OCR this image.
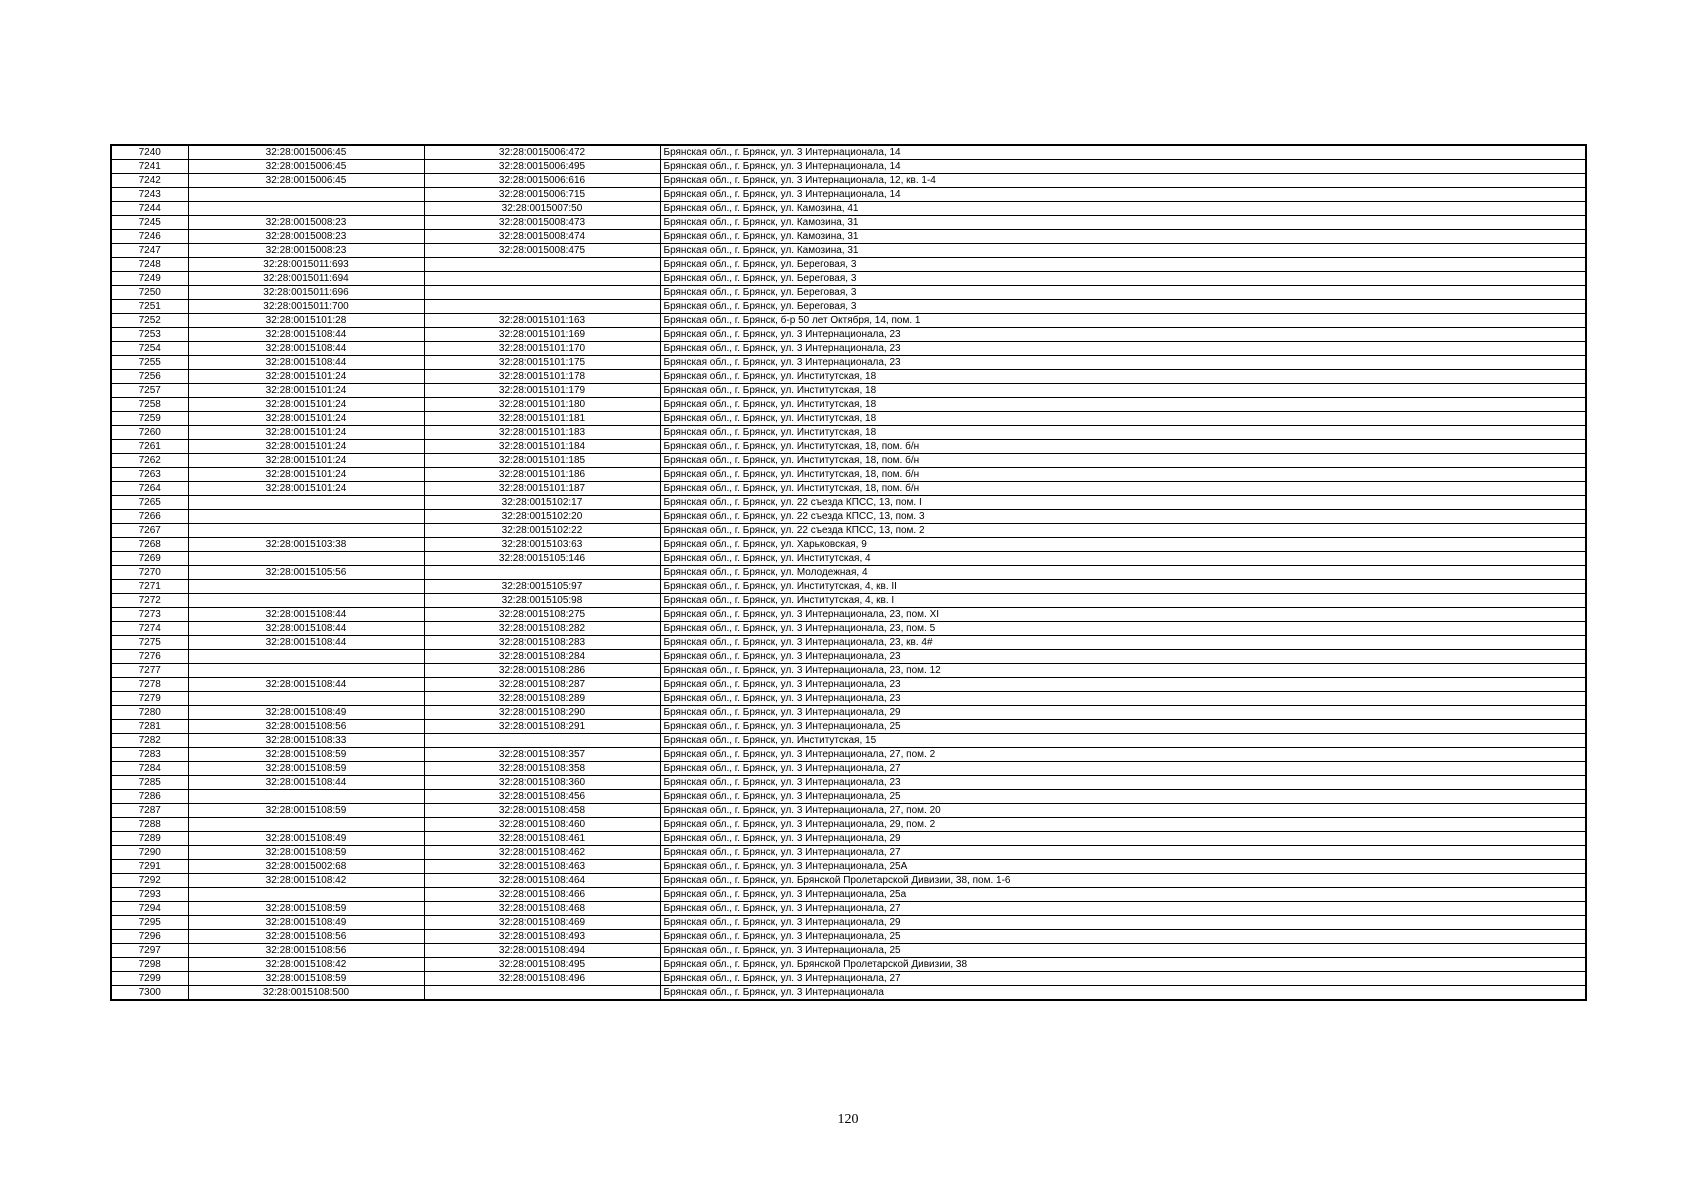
7240	32:28:0015006:45	32:28:0015006:472	Брянская обл., г. Брянск, ул. 3 Интернационала, 14
7241	32:28:0015006:45	32:28:0015006:495	Брянская обл., г. Брянск, ул. 3 Интернационала, 14
7242	32:28:0015006:45	32:28:0015006:616	Брянская обл., г. Брянск, ул. 3 Интернационала, 12, кв. 1-4
7243		32:28:0015006:715	Брянская обл., г. Брянск, ул. 3 Интернационала, 14
7244		32:28:0015007:50	Брянская обл., г. Брянск, ул. Камозина, 41
7245	32:28:0015008:23	32:28:0015008:473	Брянская обл., г. Брянск, ул. Камозина, 31
7246	32:28:0015008:23	32:28:0015008:474	Брянская обл., г. Брянск, ул. Камозина, 31
7247	32:28:0015008:23	32:28:0015008:475	Брянская обл., г. Брянск, ул. Камозина, 31
7248	32:28:0015011:693		Брянская обл., г. Брянск, ул. Береговая, 3
7249	32:28:0015011:694		Брянская обл., г. Брянск, ул. Береговая, 3
7250	32:28:0015011:696		Брянская обл., г. Брянск, ул. Береговая, 3
7251	32:28:0015011:700		Брянская обл., г. Брянск, ул. Береговая, 3
7252	32:28:0015101:28	32:28:0015101:163	Брянская обл., г. Брянск, б-р 50 лет Октября, 14, пом. 1
7253	32:28:0015108:44	32:28:0015101:169	Брянская обл., г. Брянск, ул. 3 Интернационала, 23
7254	32:28:0015108:44	32:28:0015101:170	Брянская обл., г. Брянск, ул. 3 Интернационала, 23
7255	32:28:0015108:44	32:28:0015101:175	Брянская обл., г. Брянск, ул. 3 Интернационала, 23
7256	32:28:0015101:24	32:28:0015101:178	Брянская обл., г. Брянск, ул. Институтская, 18
7257	32:28:0015101:24	32:28:0015101:179	Брянская обл., г. Брянск, ул. Институтская, 18
7258	32:28:0015101:24	32:28:0015101:180	Брянская обл., г. Брянск, ул. Институтская, 18
7259	32:28:0015101:24	32:28:0015101:181	Брянская обл., г. Брянск, ул. Институтская, 18
7260	32:28:0015101:24	32:28:0015101:183	Брянская обл., г. Брянск, ул. Институтская, 18
7261	32:28:0015101:24	32:28:0015101:184	Брянская обл., г. Брянск, ул. Институтская, 18, пом. б/н
7262	32:28:0015101:24	32:28:0015101:185	Брянская обл., г. Брянск, ул. Институтская, 18, пом. б/н
7263	32:28:0015101:24	32:28:0015101:186	Брянская обл., г. Брянск, ул. Институтская, 18, пом. б/н
7264	32:28:0015101:24	32:28:0015101:187	Брянская обл., г. Брянск, ул. Институтская, 18, пом. б/н
7265		32:28:0015102:17	Брянская обл., г. Брянск, ул. 22 съезда КПСС, 13, пом. I
7266		32:28:0015102:20	Брянская обл., г. Брянск, ул. 22 съезда КПСС, 13, пом. 3
7267		32:28:0015102:22	Брянская обл., г. Брянск, ул. 22 съезда КПСС, 13, пом. 2
7268	32:28:0015103:38	32:28:0015103:63	Брянская обл., г. Брянск, ул. Харьковская, 9
7269		32:28:0015105:146	Брянская обл., г. Брянск, ул. Институтская, 4
7270	32:28:0015105:56		Брянская обл., г. Брянск, ул. Молодежная, 4
7271		32:28:0015105:97	Брянская обл., г. Брянск, ул. Институтская, 4, кв. II
7272		32:28:0015105:98	Брянская обл., г. Брянск, ул. Институтская, 4, кв. I
7273	32:28:0015108:44	32:28:0015108:275	Брянская обл., г. Брянск, ул. 3 Интернационала, 23, пом. XI
7274	32:28:0015108:44	32:28:0015108:282	Брянская обл., г. Брянск, ул. 3 Интернационала, 23, пом. 5
7275	32:28:0015108:44	32:28:0015108:283	Брянская обл., г. Брянск, ул. 3 Интернационала, 23, кв. 4#
7276		32:28:0015108:284	Брянская обл., г. Брянск, ул. 3 Интернационала, 23
7277		32:28:0015108:286	Брянская обл., г. Брянск, ул. 3 Интернационала, 23, пом. 12
7278	32:28:0015108:44	32:28:0015108:287	Брянская обл., г. Брянск, ул. 3 Интернационала, 23
7279		32:28:0015108:289	Брянская обл., г. Брянск, ул. 3 Интернационала, 23
7280	32:28:0015108:49	32:28:0015108:290	Брянская обл., г. Брянск, ул. 3 Интернационала, 29
7281	32:28:0015108:56	32:28:0015108:291	Брянская обл., г. Брянск, ул. 3 Интернационала, 25
7282	32:28:0015108:33		Брянская обл., г. Брянск, ул. Институтская, 15
7283	32:28:0015108:59	32:28:0015108:357	Брянская обл., г. Брянск, ул. 3 Интернационала, 27, пом. 2
7284	32:28:0015108:59	32:28:0015108:358	Брянская обл., г. Брянск, ул. 3 Интернационала, 27
7285	32:28:0015108:44	32:28:0015108:360	Брянская обл., г. Брянск, ул. 3 Интернационала, 23
7286		32:28:0015108:456	Брянская обл., г. Брянск, ул. 3 Интернационала, 25
7287	32:28:0015108:59	32:28:0015108:458	Брянская обл., г. Брянск, ул. 3 Интернационала, 27, пом. 20
7288		32:28:0015108:460	Брянская обл., г. Брянск, ул. 3 Интернационала, 29, пом. 2
7289	32:28:0015108:49	32:28:0015108:461	Брянская обл., г. Брянск, ул. 3 Интернационала, 29
7290	32:28:0015108:59	32:28:0015108:462	Брянская обл., г. Брянск, ул. 3 Интернационала, 27
7291	32:28:0015002:68	32:28:0015108:463	Брянская обл., г. Брянск, ул. 3 Интернационала, 25А
7292	32:28:0015108:42	32:28:0015108:464	Брянская обл., г. Брянск, ул. Брянской Пролетарской Дивизии, 38, пом. 1-6
7293		32:28:0015108:466	Брянская обл., г. Брянск, ул. 3 Интернационала, 25а
7294	32:28:0015108:59	32:28:0015108:468	Брянская обл., г. Брянск, ул. 3 Интернационала, 27
7295	32:28:0015108:49	32:28:0015108:469	Брянская обл., г. Брянск, ул. 3 Интернационала, 29
7296	32:28:0015108:56	32:28:0015108:493	Брянская обл., г. Брянск, ул. 3 Интернационала, 25
7297	32:28:0015108:56	32:28:0015108:494	Брянская обл., г. Брянск, ул. 3 Интернационала, 25
7298	32:28:0015108:42	32:28:0015108:495	Брянская обл., г. Брянск, ул. Брянской Пролетарской Дивизии, 38
7299	32:28:0015108:59	32:28:0015108:496	Брянская обл., г. Брянск, ул. 3 Интернационала, 27
7300	32:28:0015108:500		Брянская обл., г. Брянск, ул. 3 Интернационала
120
